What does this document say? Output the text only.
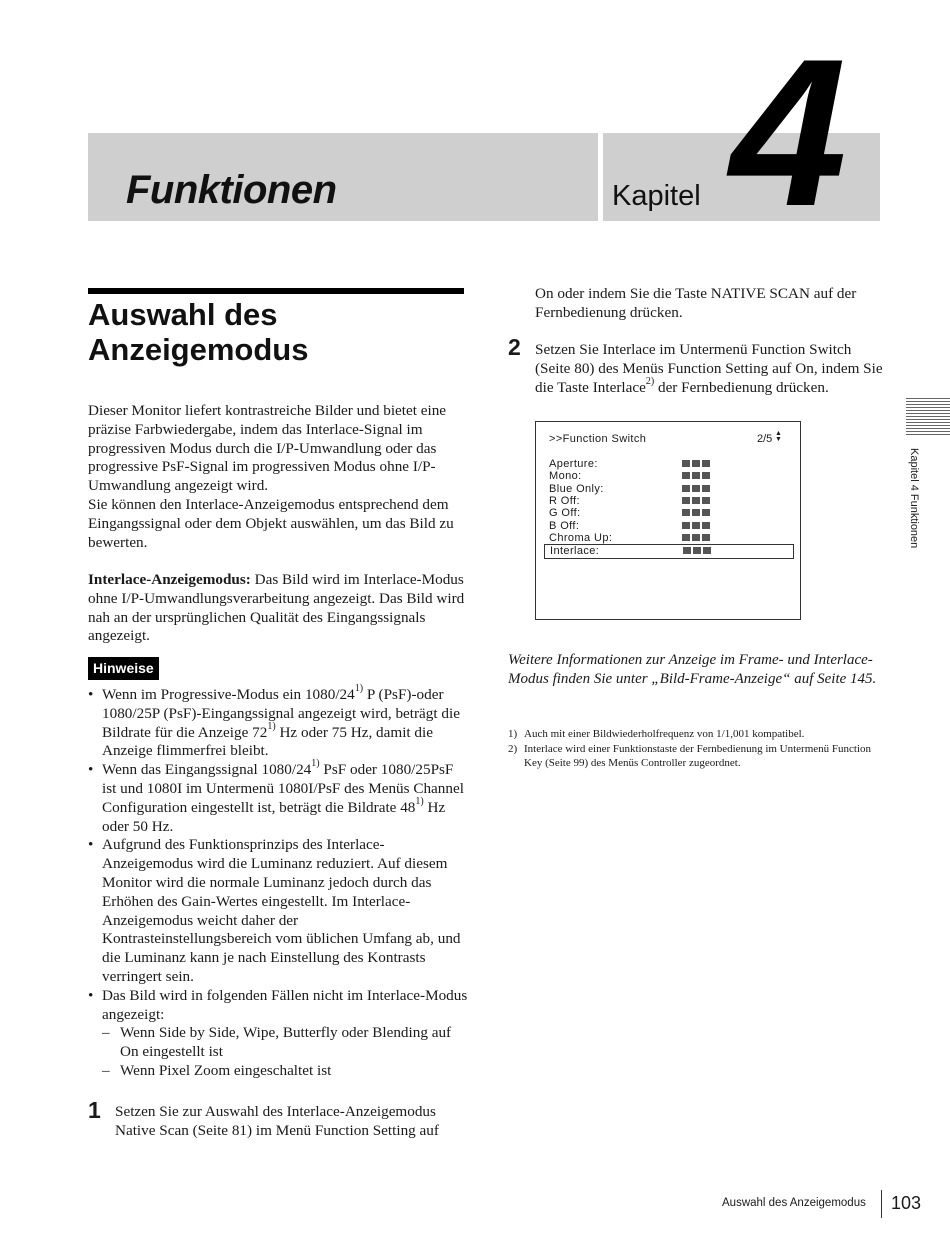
Funktionen	Kapitel 4
Auswahl des
Anzeigemodus

Dieser Monitor liefert kontrastreiche Bilder und bietet eine präzise Farbwiedergabe, indem das Interlace-Signal im progressiven Modus durch die I/P-Umwandlung oder das progressive PsF-Signal im progressiven Modus ohne I/P-Umwandlung angezeigt wird.

Sie können den Interlace-Anzeigemodus entsprechend dem Eingangssignal oder dem Objekt auswählen, um das Bild zu bewerten.

Interlace-Anzeigemodus: Das Bild wird im Interlace-Modus ohne I/P-Umwandlungsverarbeitung angezeigt. Das Bild wird nah an der ursprünglichen Qualität des Eingangssignals angezeigt.

Hinweise
• Wenn im Progressive-Modus ein 1080/24$^{1)}$ P (PsF)-oder 1080/25P (PsF)-Eingangssignal angezeigt wird, beträgt die Bildrate für die Anzeige 72$^{1)}$ Hz oder 75 Hz, damit die Anzeige flimmerfrei bleibt.
• Wenn das Eingangssignal 1080/24$^{1)}$ PsF oder 1080/25PsF ist und 1080I im Untermenü 1080I/PsF des Menüs Channel Configuration eingestellt ist, beträgt die Bildrate 48$^{1)}$ Hz oder 50 Hz.
• Aufgrund des Funktionsprinzips des Interlace-Anzeigemodus wird die Luminanz reduziert. Auf diesem Monitor wird die normale Luminanz jedoch durch das Erhöhen des Gain-Wertes eingestellt. Im Interlace-Anzeigemodus weicht daher der Kontrasteinstellungsbereich vom üblichen Umfang ab, und die Luminanz kann je nach Einstellung des Kontrasts verringert sein.
• Das Bild wird in folgenden Fällen nicht im Interlace-Modus angezeigt:
– Wenn Side by Side, Wipe, Butterfly oder Blending auf On eingestellt ist
– Wenn Pixel Zoom eingeschaltet ist
1 Setzen Sie zur Auswahl des Interlace-Anzeigemodus Native Scan (Seite 81) im Menü Function Setting auf
On oder indem Sie die Taste NATIVE SCAN auf der Fernbedienung drücken.
2 Setzen Sie Interlace im Untermenü Function Switch (Seite 80) des Menüs Function Setting auf On, indem Sie die Taste Interlace$^{2)}$ der Fernbedienung drücken.
>>Function Switch	2/5 ▲▼
Aperture:
Mono:
Blue Only:
R Off:
G Off:
B Off:
Chroma Up:
Interlace:
Weitere Informationen zur Anzeige im Frame- und Interlace-Modus finden Sie unter „Bild-Frame-Anzeige“ auf Seite 145.
1) Auch mit einer Bildwiederholfrequenz von 1/1,001 kompatibel.
2) Interlace wird einer Funktionstaste der Fernbedienung im Untermenü Function Key (Seite 99) des Menüs Controller zugeordnet.
Kapitel 4 Funktionen
Auswahl des Anzeigemodus 103
